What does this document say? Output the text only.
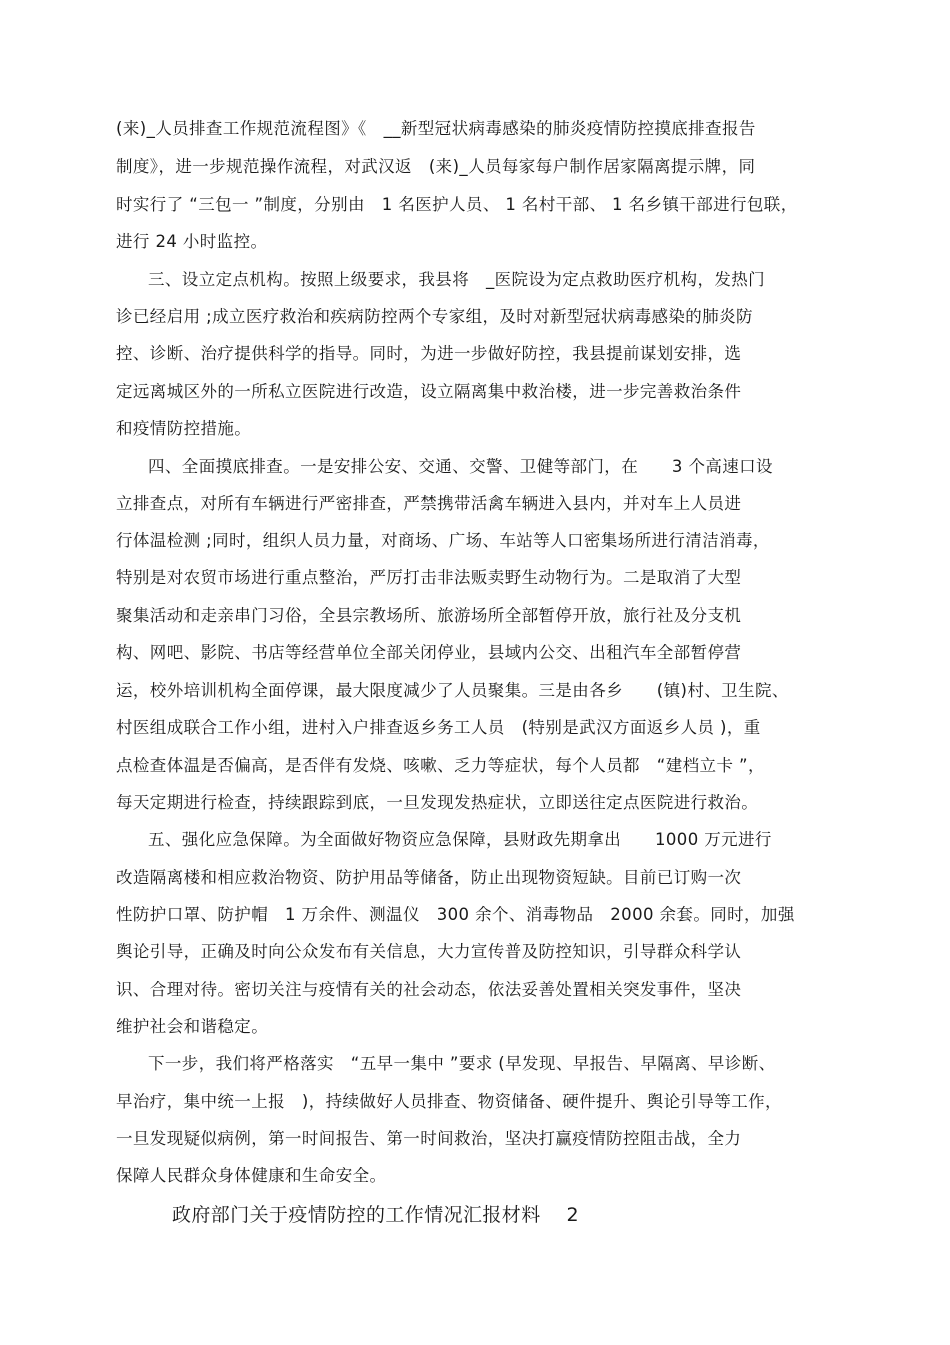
(来)_人员排查工作规范流程图》《　__新型冠状病毒感染的肺炎疫情防控摸底排查报告
制度》，进一步规范操作流程，对武汉返　(来)_人员每家每户制作居家隔离提示牌，同
时实行了 “三包一 ”制度，分别由　1 名医护人员、 1 名村干部、 1 名乡镇干部进行包联，
进行 24 小时监控。
三、设立定点机构。按照上级要求，我县将　_医院设为定点救助医疗机构，发热门
诊已经启用 ;成立医疗救治和疾病防控两个专家组，及时对新型冠状病毒感染的肺炎防
控、诊断、治疗提供科学的指导。同时，为进一步做好防控，我县提前谋划安排，选
定远离城区外的一所私立医院进行改造，设立隔离集中救治楼，进一步完善救治条件
和疫情防控措施。
四、全面摸底排查。一是安排公安、交通、交警、卫健等部门，在　　3 个高速口设
立排查点，对所有车辆进行严密排查，严禁携带活禽车辆进入县内，并对车上人员进
行体温检测 ;同时，组织人员力量，对商场、广场、车站等人口密集场所进行清洁消毒，
特别是对农贸市场进行重点整治，严厉打击非法贩卖野生动物行为。二是取消了大型
聚集活动和走亲串门习俗，全县宗教场所、旅游场所全部暂停开放，旅行社及分支机
构、网吧、影院、书店等经营单位全部关闭停业，县域内公交、出租汽车全部暂停营
运，校外培训机构全面停课，最大限度减少了人员聚集。三是由各乡　　(镇)村、卫生院、
村医组成联合工作小组，进村入户排查返乡务工人员　(特别是武汉方面返乡人员 )，重
点检查体温是否偏高，是否伴有发烧、咳嗽、乏力等症状，每个人员都　“建档立卡 ”，
每天定期进行检查，持续跟踪到底，一旦发现发热症状，立即送往定点医院进行救治。
五、强化应急保障。为全面做好物资应急保障，县财政先期拿出　　1000 万元进行
改造隔离楼和相应救治物资、防护用品等储备，防止出现物资短缺。目前已订购一次
性防护口罩、防护帽　1 万余件、测温仪　300 余个、消毒物品　2000 余套。同时，加强
舆论引导，正确及时向公众发布有关信息，大力宣传普及防控知识，引导群众科学认
识、合理对待。密切关注与疫情有关的社会动态，依法妥善处置相关突发事件，坚决
维护社会和谐稳定。
下一步，我们将严格落实　“五早一集中 ”要求 (早发现、早报告、早隔离、早诊断、
早治疗，集中统一上报　)，持续做好人员排查、物资储备、硬件提升、舆论引导等工作，
一旦发现疑似病例，第一时间报告、第一时间救治，坚决打赢疫情防控阻击战，全力
保障人民群众身体健康和生命安全。
政府部门关于疫情防控的工作情况汇报材料　 2
